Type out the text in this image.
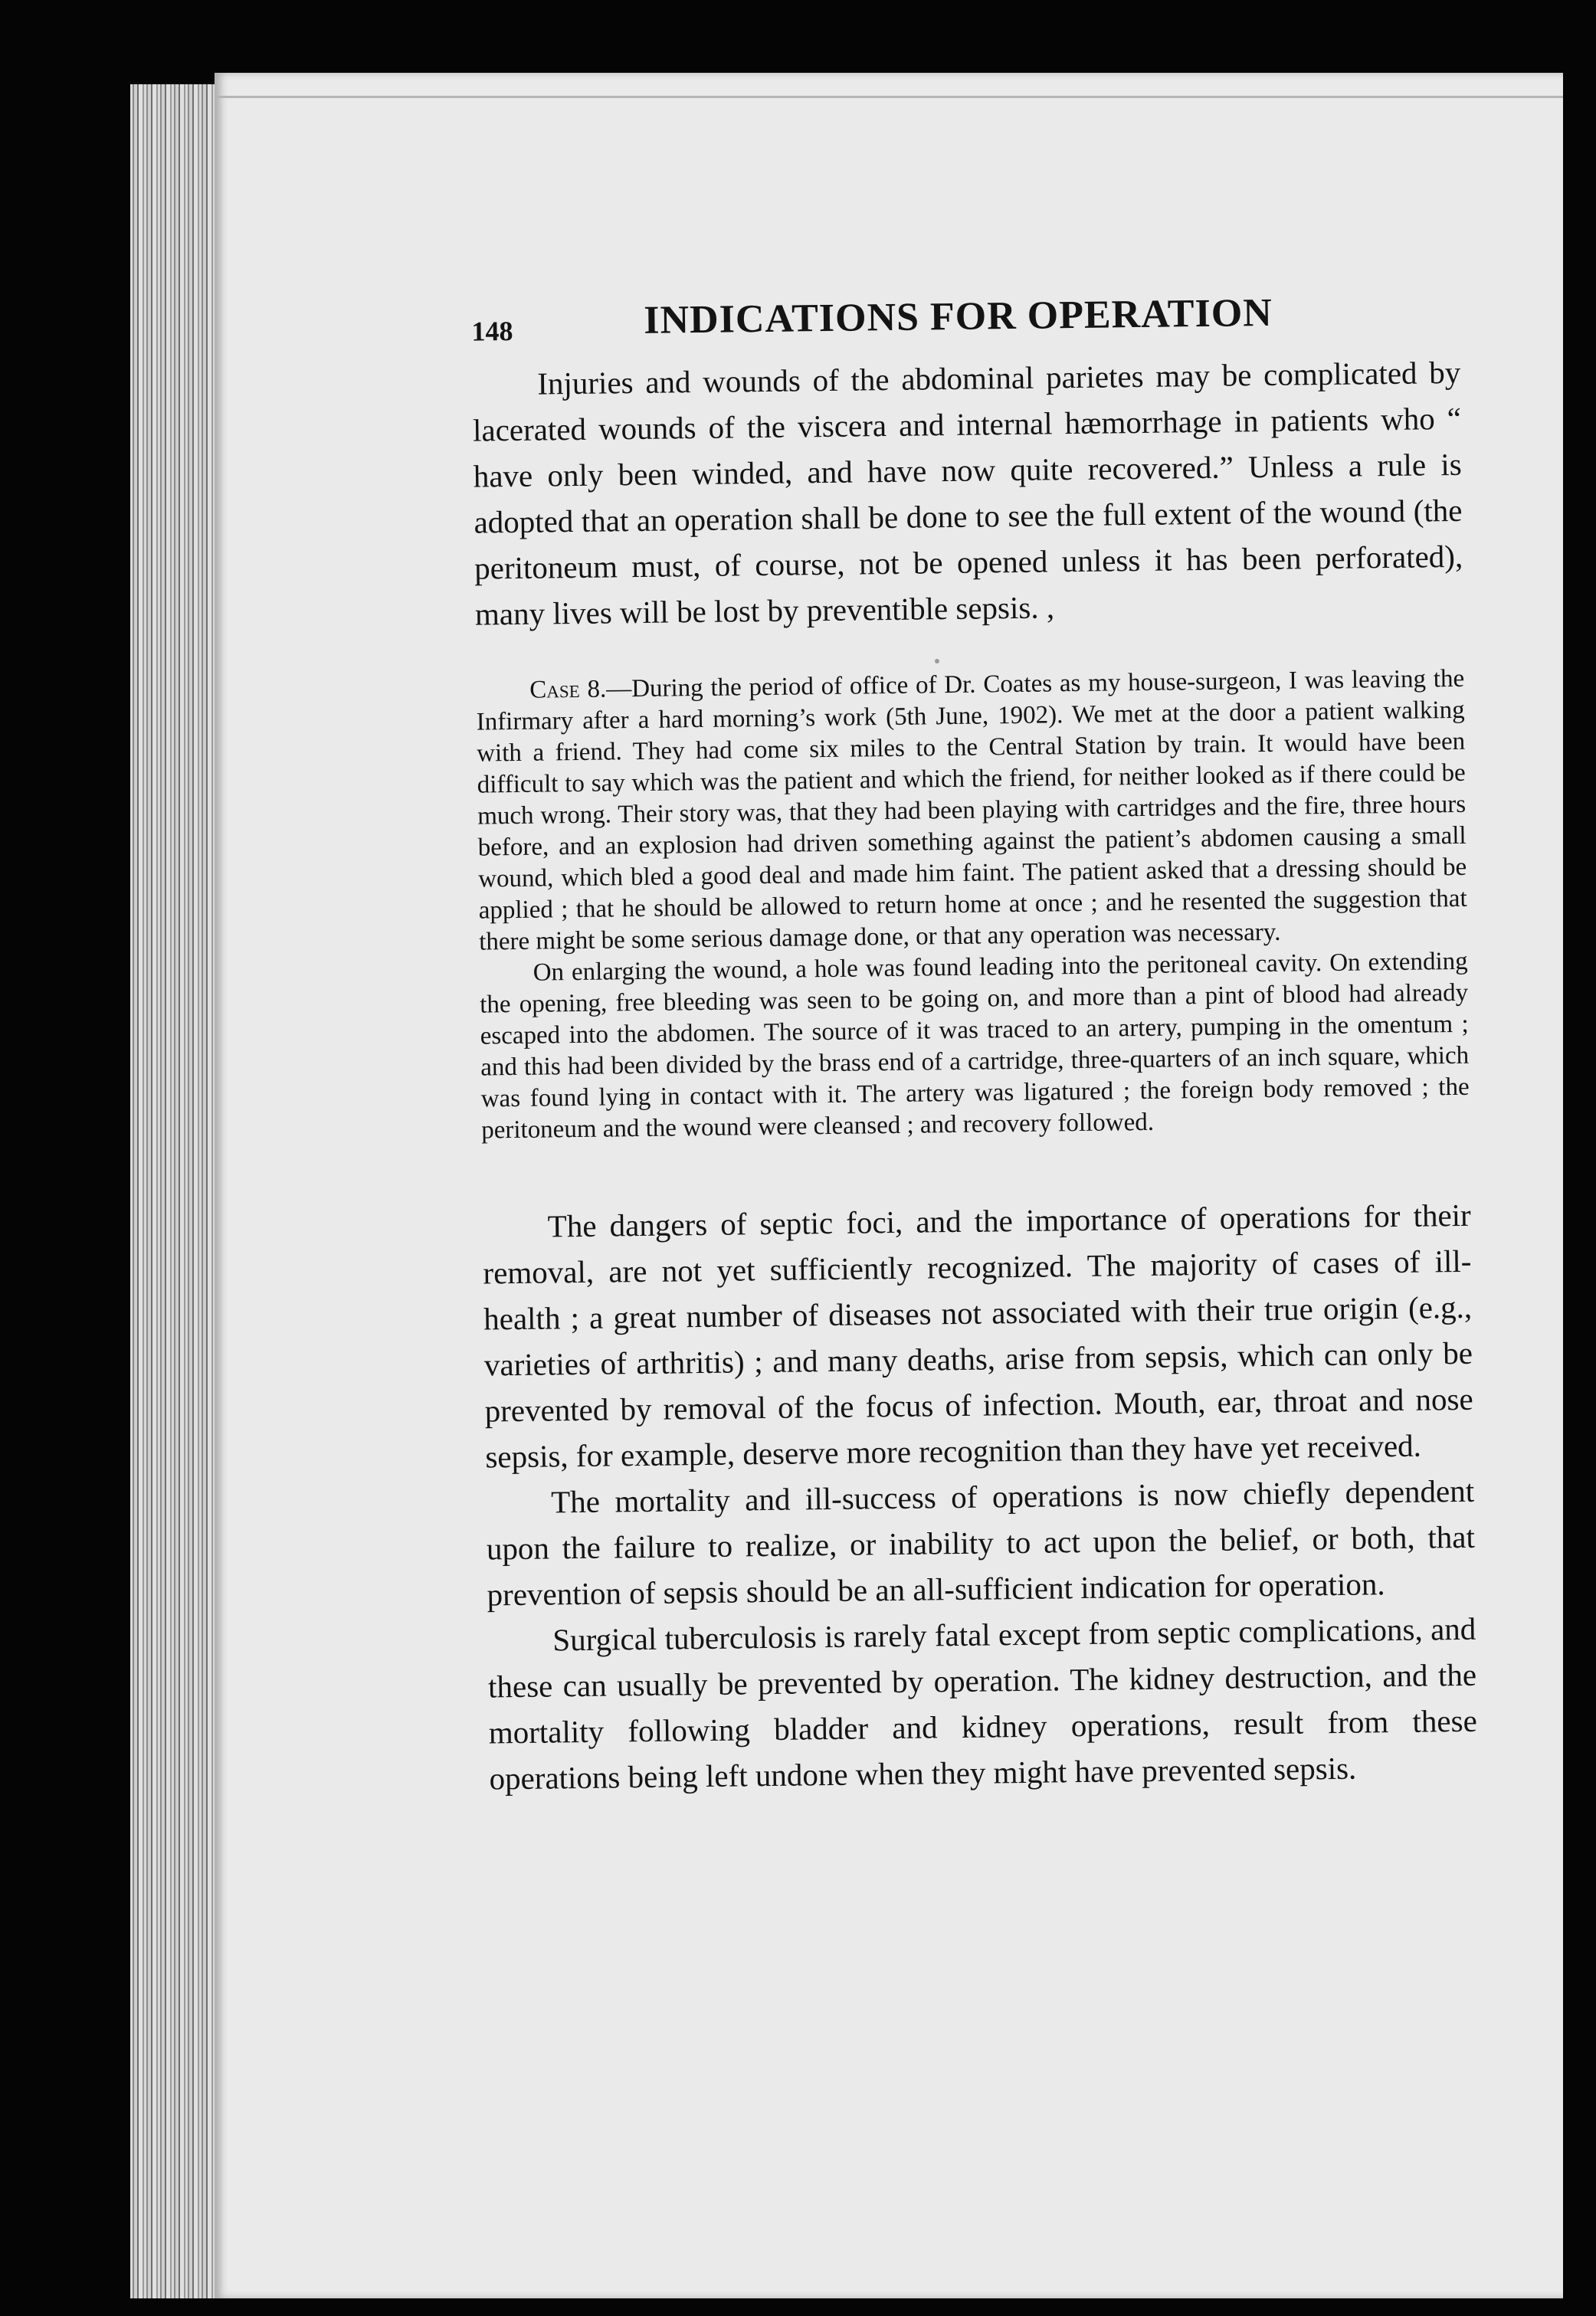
148	INDICATIONS FOR OPERATION

Injuries and wounds of the abdominal parietes may be complicated by lacerated wounds of the viscera and internal hæmorrhage in patients who “ have only been winded, and have now quite recovered.” Unless a rule is adopted that an operation shall be done to see the full extent of the wound (the peritoneum must, of course, not be opened unless it has been perforated), many lives will be lost by preventible sepsis. ,

Case 8.—During the period of office of Dr. Coates as my house-surgeon, I was leaving the Infirmary after a hard morning’s work (5th June, 1902). We met at the door a patient walking with a friend. They had come six miles to the Central Station by train. It would have been difficult to say which was the patient and which the friend, for neither looked as if there could be much wrong. Their story was, that they had been playing with cartridges and the fire, three hours before, and an explosion had driven something against the patient’s abdomen causing a small wound, which bled a good deal and made him faint. The patient asked that a dressing should be applied ; that he should be allowed to return home at once ; and he resented the suggestion that there might be some serious damage done, or that any operation was necessary.

On enlarging the wound, a hole was found leading into the peritoneal cavity. On extending the opening, free bleeding was seen to be going on, and more than a pint of blood had already escaped into the abdomen. The source of it was traced to an artery, pumping in the omentum ; and this had been divided by the brass end of a cartridge, three-quarters of an inch square, which was found lying in contact with it. The artery was ligatured ; the foreign body removed ; the peritoneum and the wound were cleansed ; and recovery followed.

The dangers of septic foci, and the importance of operations for their removal, are not yet sufficiently recognized. The majority of cases of ill-health ; a great number of diseases not associated with their true origin (e.g., varieties of arthritis) ; and many deaths, arise from sepsis, which can only be prevented by removal of the focus of infection. Mouth, ear, throat and nose sepsis, for example, deserve more recognition than they have yet received.

The mortality and ill-success of operations is now chiefly dependent upon the failure to realize, or inability to act upon the belief, or both, that prevention of sepsis should be an all-sufficient indication for operation.

Surgical tuberculosis is rarely fatal except from septic complications, and these can usually be prevented by operation. The kidney destruction, and the mortality following bladder and kidney operations, result from these operations being left undone when they might have prevented sepsis.
